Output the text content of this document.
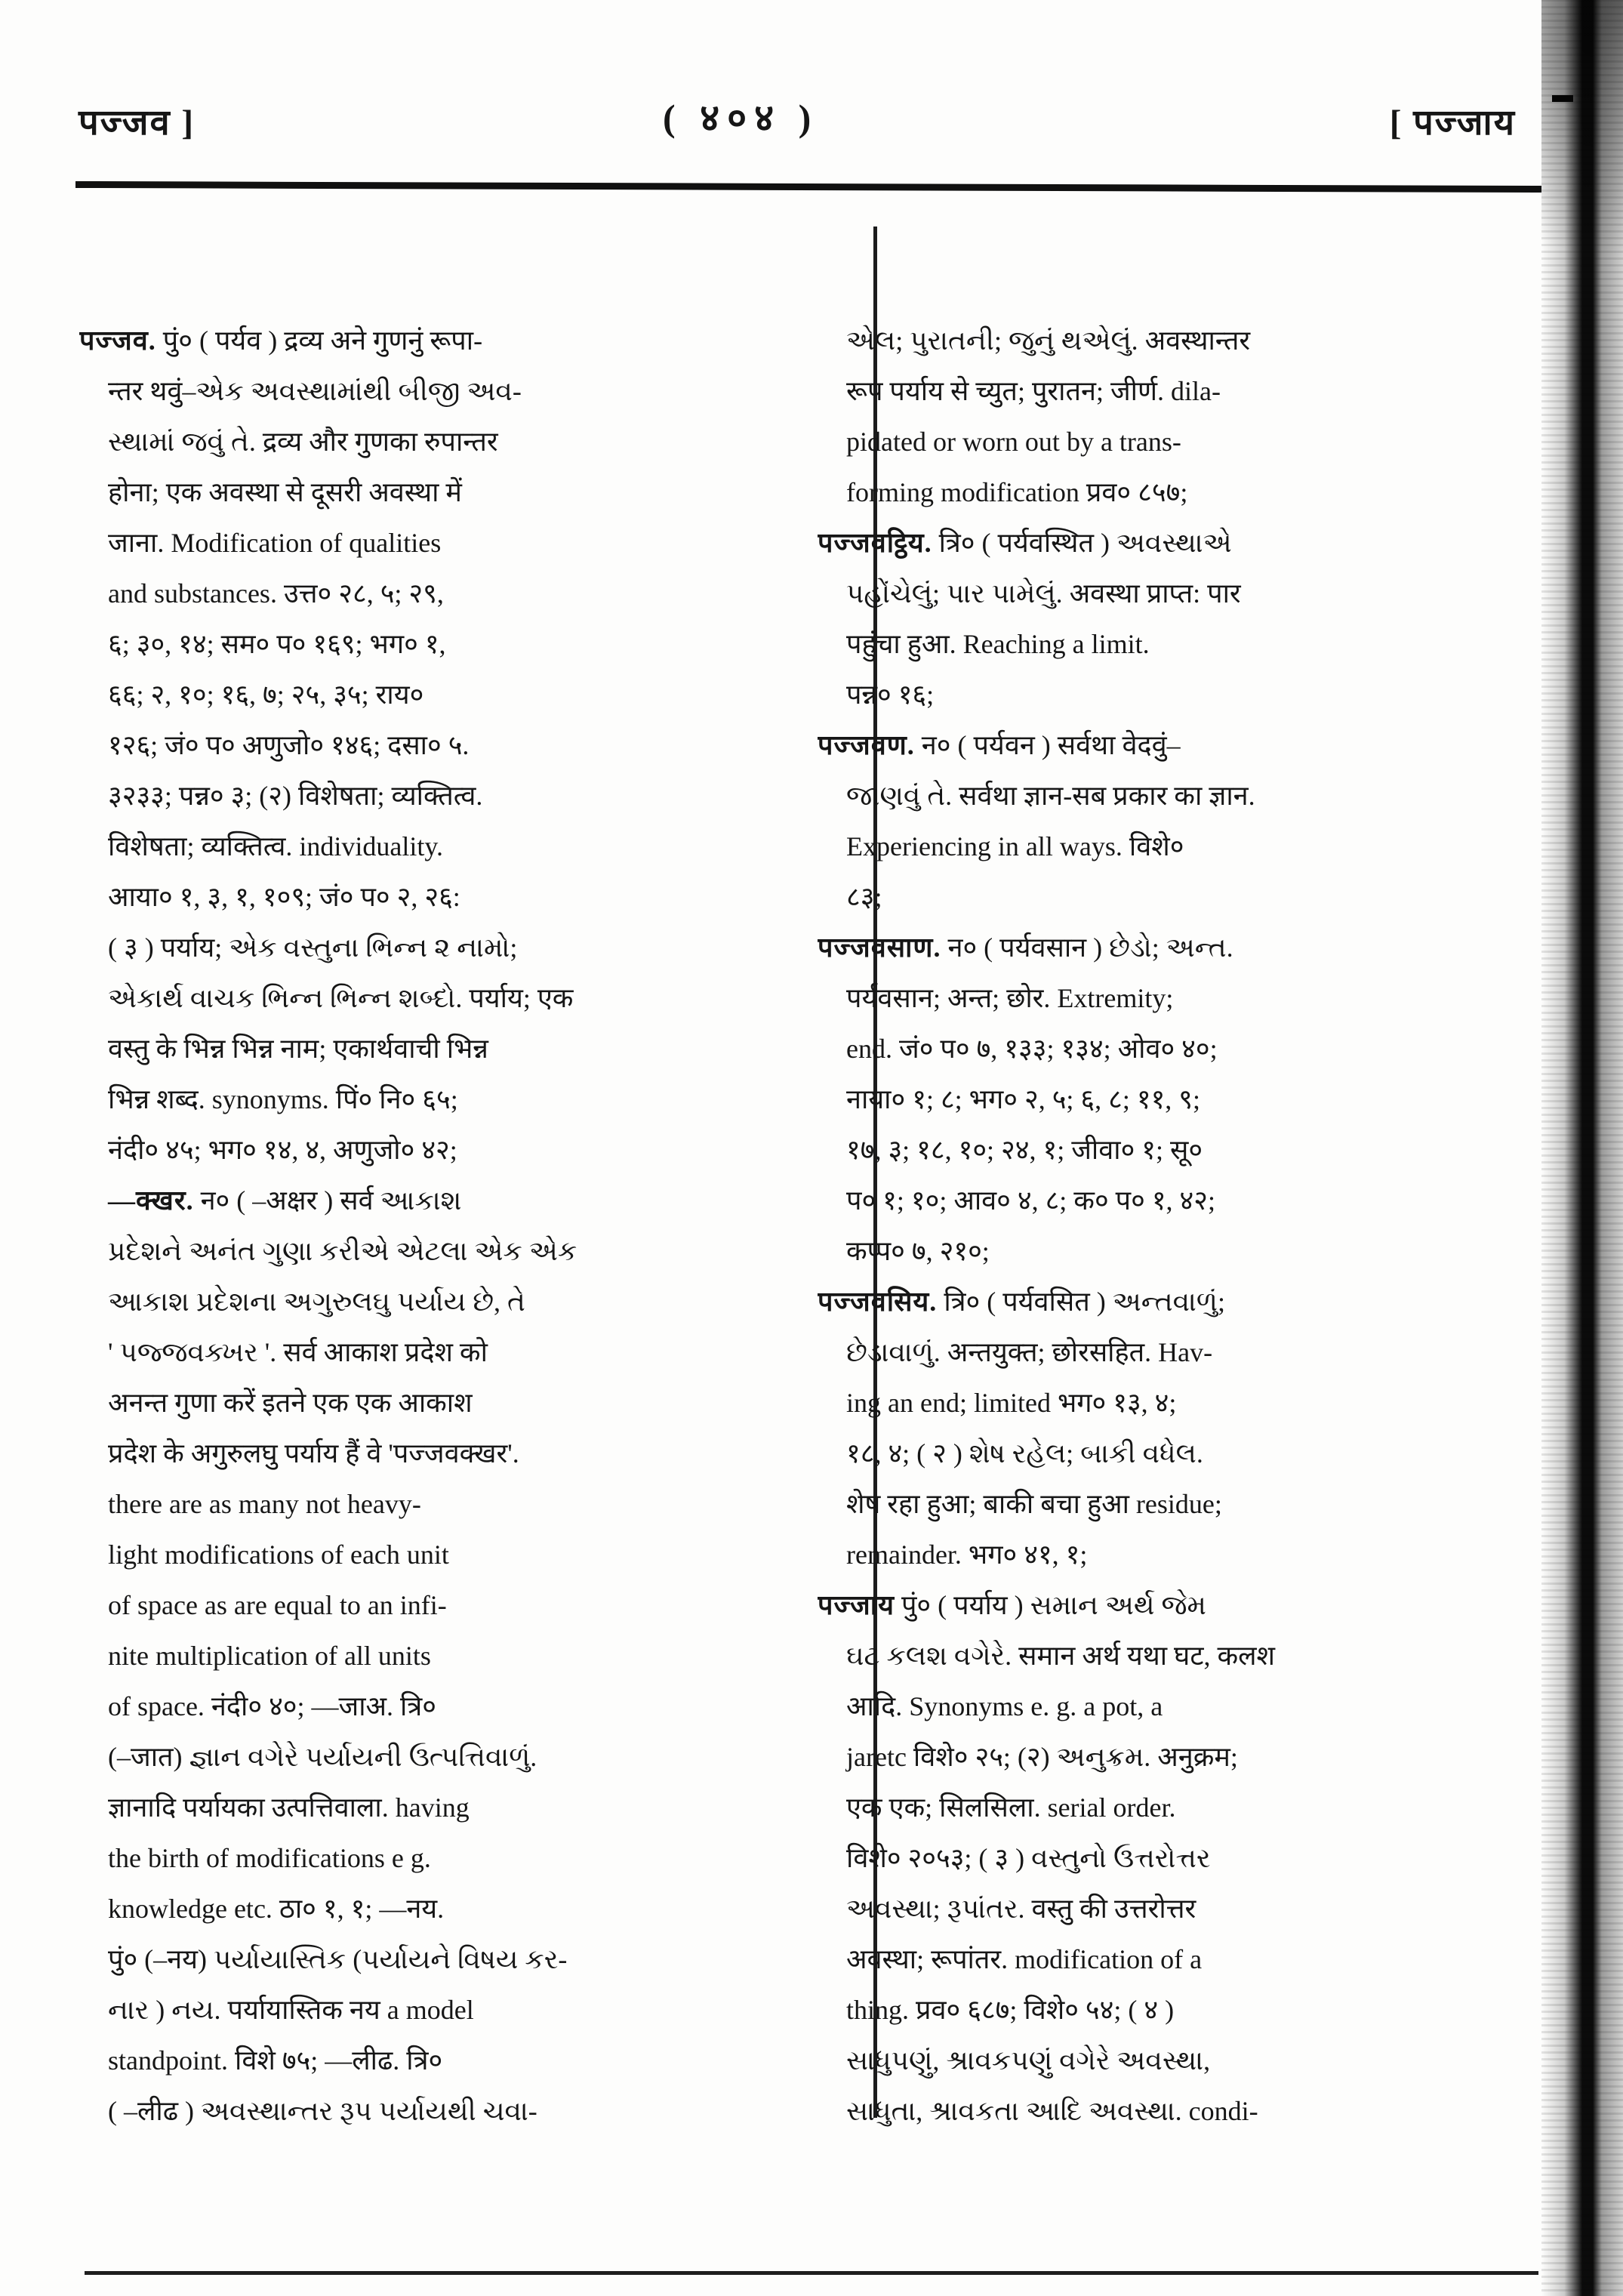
पज्जव ]	( ४०४ )	[ पज्जाय
पज्जव. पुं० ( पर्यव ) द्रव्य अने गुणनुं रूपा-
न्तर थवुं–એક અવસ્થામાંથી બીજી અવ-
સ્થામાં જવું તે. द्रव्य और गुणका रुपान्तर
होना; एक अवस्था से दूसरी अवस्था में
जाना. Modification of qualities
and substances. उत्त० २८, ५; २९,
६; ३०, १४; सम० प० १६९; भग० १,
६६; २, १०; १६, ७; २५, ३५; राय०
१२६; जं० प० अणुजो० १४६; दसा० ५.
३२३३; पन्न० ३; (२) विशेषता; व्यक्तित्व.
विशेषता; व्यक्तित्व. individuality.
आया० १, ३, १, १०९; जं० प० २, २६:
( ३ ) पर्याय; એક વસ્તુના ભિન્ન ૨ નામો;
એકાર્થ વાચક ભિન્ન ભિન્ન શબ્દો. पर्याय; एक
वस्तु के भिन्न भिन्न नाम; एकार्थवाची भिन्न
भिन्न शब्द. synonyms. पिं० नि० ६५;
नंदी० ४५; भग० १४, ४, अणुजो० ४२;
—क्खर. न० ( –अक्षर ) सर्व આકાશ
પ્રદેશને અનંત ગુણા કરીએ એટલા એક એક
આકાશ પ્રદેશના અગુરુલઘુ પર્યાય છે, તે
' પજ્જવક્ખર '. सर्व आकाश प्रदेश को
अनन्त गुणा करें इतने एक एक आकाश
प्रदेश के अगुरुलघु पर्याय हैं वे 'पज्जवक्खर'.
there are as many not heavy-
light modifications of each unit
of space as are equal to an infi-
nite multiplication of all units
of space. नंदी० ४०; —जाअ. त्रि०
(–जात) જ્ઞાન વગેરે પર્યાયની ઉત્પત્તિવાળું.
ज्ञानादि पर्यायका उत्पत्तिवाला. having
the birth of modifications e g.
knowledge etc. ठा० १, १; —नय.
पुं० (–नय) પર્યાયાસ્તિક (પર્યાયને વિષય કર-
નાર ) નય. पर्यायास्तिक नय a model
standpoint. विशे ७५; —लीढ. त्रि०
( –लीढ ) અવસ્થાન્તર રૂપ પર્યાયથી ચવા-
એલ; પુરાતની; જુનું થએલું. अवस्थान्तर
रूप पर्याय से च्युत; पुरातन; जीर्ण. dila-
pidated or worn out by a trans-
forming modification प्रव० ८५७;
पज्जवट्ठिय. त्रि० ( पर्यवस्थित ) અવસ્થાએ
પહોંચેલું; પાર પામેલું. अवस्था प्राप्त: पार
पहुंचा हुआ. Reaching a limit.
पन्न० १६;
पज्जवण. न० ( पर्यवन ) सर्वथा वेदवुं–
જાણવું તે. सर्वथा ज्ञान-सब प्रकार का ज्ञान.
Experiencing in all ways. विशे०
८३;
पज्जवसाण. न० ( पर्यवसान ) છેડો; અન્ત.
पर्यवसान; अन्त; छोर. Extremity;
end. जं० प० ७, १३३; १३४; ओव० ४०;
नाया० १; ८; भग० २, ५; ६, ८; ११, ९;
१७, ३; १८, १०; २४, १; जीवा० १; सू०
प० १; १०; आव० ४, ८; क० प० १, ४२;
कप्प० ७, २१०;
पज्जवसिय. त्रि० ( पर्यवसित ) અન્તવાળું;
છેડાવાળું. अन्तयुक्त; छोरसहित. Hav-
ing an end; limited भग० १३, ४;
१८, ४; ( २ ) શેષ રહેલ; બાકી વધેલ.
शेष रहा हुआ; बाकी बचा हुआ residue;
remainder. भग० ४१, १;
पज्जाय पुं० ( पर्याय ) સમાન અર્થ જેમ
ઘટ કલશ વગેરે. समान अर्थ यथा घट, कलश
आदि. Synonyms e. g. a pot, a
jaretc विशे० २५; (२) અનુક્રમ. अनुक्रम;
एक एक; सिलसिला. serial order.
विशे० २०५३; ( ३ ) વસ્તુનો ઉત્તરોત્તર
અવસ્થા; રૂપાંતર. वस्तु की उत्तरोत्तर
अवस्था; रूपांतर. modification of a
thing. प्रव० ६८७; विशे० ५४; ( ४ )
સાધુપણું, શ્રાવકપણું વગેરે અવસ્થા,
સાધુતા, શ્રાવકતા આદિ અવસ્થા. condi-
